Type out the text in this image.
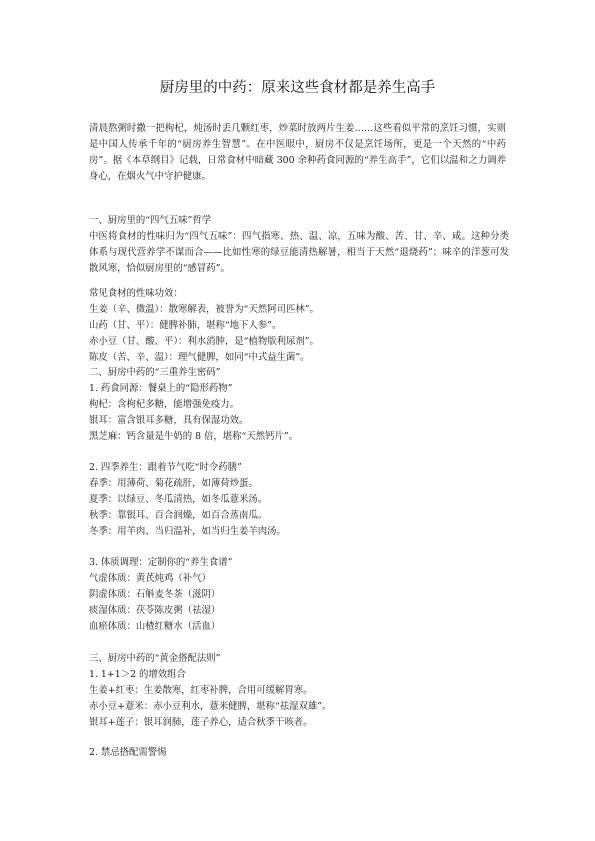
厨房里的中药：原来这些食材都是养生高手
清晨熬粥时撒一把枸杞，炖汤时丢几颗红枣，炒菜时放两片生姜……这些看似平常的烹饪习惯，实则是中国人传承千年的“厨房养生智慧”。在中医眼中，厨房不仅是烹饪场所，更是一个天然的“中药房”。据《本草纲目》记载，日常食材中暗藏 300 余种药食同源的“养生高手”，它们以温和之力调养身心，在烟火气中守护健康。
一、厨房里的“四气五味”哲学
中医将食材的性味归为“四气五味”：四气指寒、热、温、凉，五味为酸、苦、甘、辛、咸。这种分类体系与现代营养学不谋而合——比如性寒的绿豆能清热解暑，相当于天然“退烧药”；味辛的洋葱可发散风寒，恰似厨房里的“感冒药”。
常见食材的性味功效：
生姜（辛、微温）：散寒解表，被誉为“天然阿司匹林”。
山药（甘、平）：健脾补肺，堪称“地下人参”。
赤小豆（甘、酸、平）：利水消肿，是“植物版利尿剂”。
陈皮（苦、辛、温）：理气健脾，如同“中式益生菌”。
二、厨房中药的“三重养生密码”
1. 药食同源：餐桌上的“隐形药物”
枸杞：含枸杞多糖，能增强免疫力。
银耳：富含银耳多糖，具有保湿功效。
黑芝麻：钙含量是牛奶的 8 倍，堪称“天然钙片”。
2. 四季养生：跟着节气吃“时令药膳”
春季：用薄荷、菊花疏肝，如薄荷炒蛋。
夏季：以绿豆、冬瓜清热，如冬瓜薏米汤。
秋季：靠银耳、百合润燥，如百合蒸南瓜。
冬季：用羊肉、当归温补，如当归生姜羊肉汤。
3. 体质调理：定制你的“养生食谱”
气虚体质：黄芪炖鸡（补气）
阴虚体质：石斛麦冬茶（滋阴）
痰湿体质：茯苓陈皮粥（祛湿）
血瘀体质：山楂红糖水（活血）
三、厨房中药的“黄金搭配法则”
1. 1+1＞2 的增效组合
生姜+红枣：生姜散寒，红枣补脾，合用可缓解胃寒。
赤小豆+薏米：赤小豆利水，薏米健脾，堪称“祛湿双雄”。
银耳+莲子：银耳润肺，莲子养心，适合秋季干咳者。
2. 禁忌搭配需警惕
